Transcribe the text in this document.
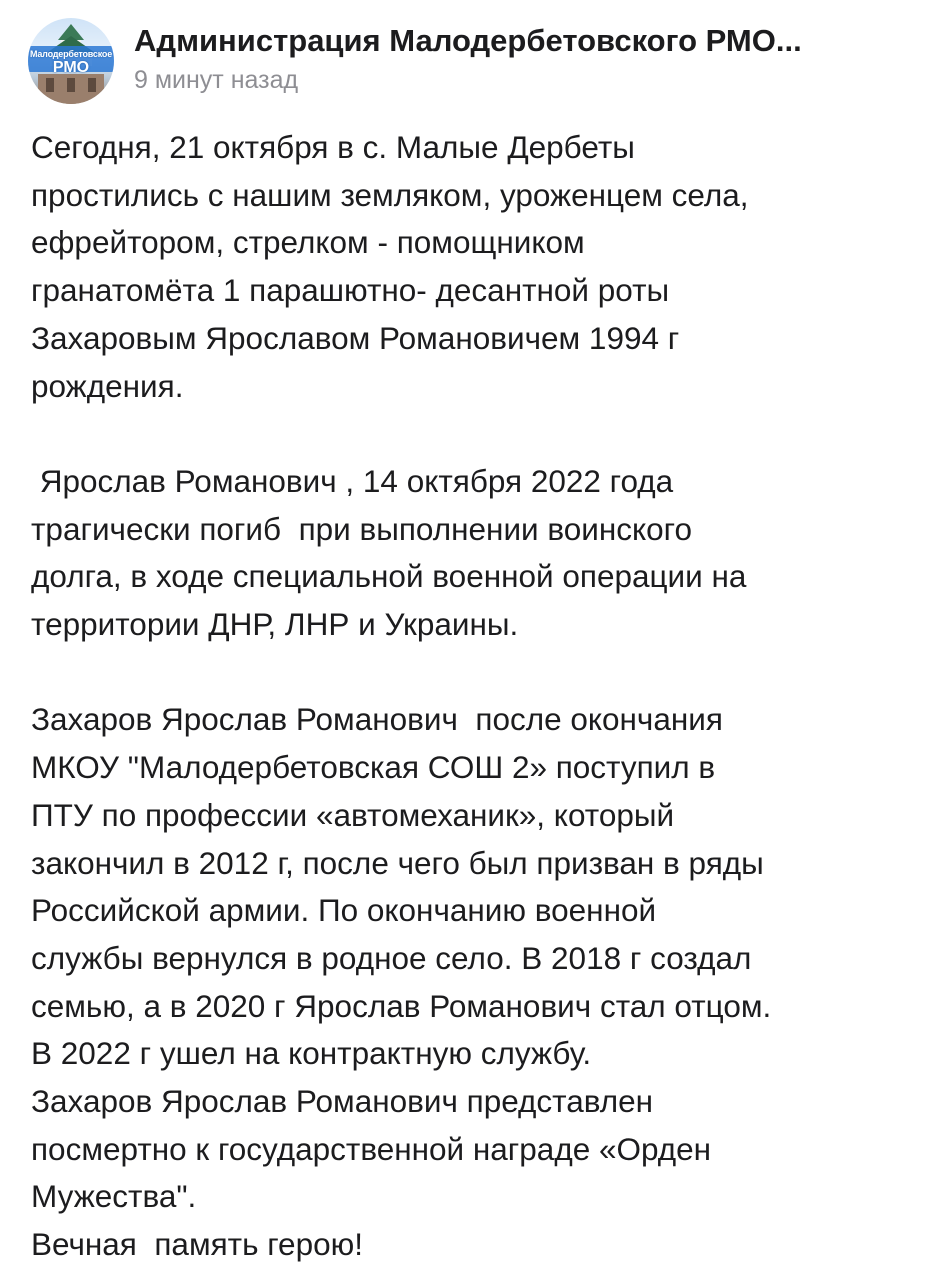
Малодербетовское
РМО
Администрация Малодербетовского РМО...
9 минут назад
Сегодня, 21 октября в с. Малые Дербеты
простились с нашим земляком, уроженцем села,
ефрейтором, стрелком - помощником
гранатомёта 1 парашютно- десантной роты
Захаровым Ярославом Романовичем 1994 г
рождения.
Ярослав Романович , 14 октября 2022 года
трагически погиб  при выполнении воинского
долга, в ходе специальной военной операции на
территории ДНР, ЛНР и Украины.
Захаров Ярослав Романович  после окончания
МКОУ "Малодербетовская СОШ 2» поступил в
ПТУ по профессии «автомеханик», который
закончил в 2012 г, после чего был призван в ряды
Российской армии. По окончанию военной
службы вернулся в родное село. В 2018 г создал
семью, а в 2020 г Ярослав Романович стал отцом.
В 2022 г ушел на контрактную службу.
Захаров Ярослав Романович представлен
посмертно к государственной награде «Орден
Мужества".
Вечная  память герою!
